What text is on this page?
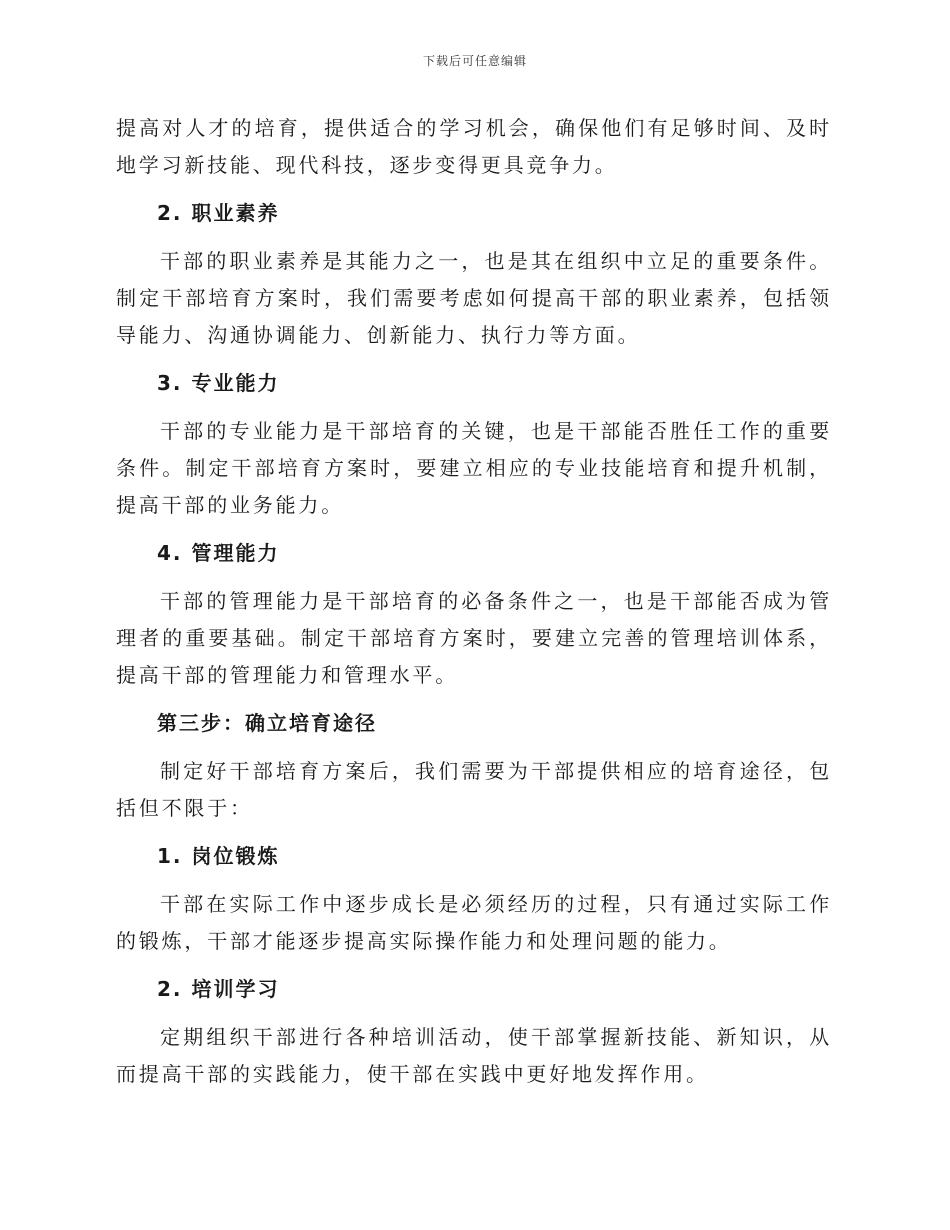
下载后可任意编辑

提高对人才的培育，提供适合的学习机会，确保他们有足够时间、及时地学习新技能、现代科技，逐步变得更具竞争力。

2. 职业素养

干部的职业素养是其能力之一，也是其在组织中立足的重要条件。制定干部培育方案时，我们需要考虑如何提高干部的职业素养，包括领导能力、沟通协调能力、创新能力、执行力等方面。

3. 专业能力

干部的专业能力是干部培育的关键，也是干部能否胜任工作的重要条件。制定干部培育方案时，要建立相应的专业技能培育和提升机制，提高干部的业务能力。

4. 管理能力

干部的管理能力是干部培育的必备条件之一，也是干部能否成为管理者的重要基础。制定干部培育方案时，要建立完善的管理培训体系，提高干部的管理能力和管理水平。

第三步：确立培育途径

制定好干部培育方案后，我们需要为干部提供相应的培育途径，包括但不限于：

1. 岗位锻炼

干部在实际工作中逐步成长是必须经历的过程，只有通过实际工作的锻炼，干部才能逐步提高实际操作能力和处理问题的能力。

2. 培训学习

定期组织干部进行各种培训活动，使干部掌握新技能、新知识，从而提高干部的实践能力，使干部在实践中更好地发挥作用。
